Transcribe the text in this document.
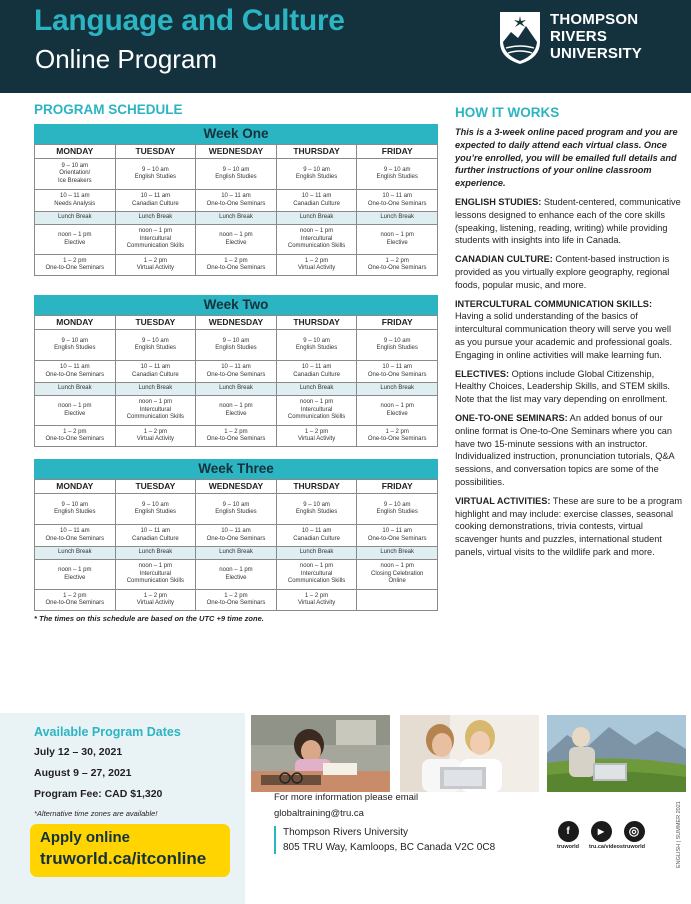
Language and Culture
Online Program
THOMPSON
RIVERS
UNIVERSITY
PROGRAM SCHEDULE
Week One
MONDAY	TUESDAY	WEDNESDAY	THURSDAY	FRIDAY

9 – 10 am
Orientation/
Ice Breakers	9 – 10 am
English Studies	9 – 10 am
English Studies	9 – 10 am
English Studies	9 – 10 am
English Studies

10 – 11 am
Needs Analysis	10 – 11 am
Canadian Culture	10 – 11 am
One-to-One Seminars	10 – 11 am
Canadian Culture	10 – 11 am
One-to-One Seminars

Lunch Break	Lunch Break	Lunch Break	Lunch Break	Lunch Break

noon – 1 pm
Elective	noon – 1 pm
Intercultural
Communication Skills	noon – 1 pm
Elective	noon – 1 pm
Intercultural
Communication Skills	noon – 1 pm
Elective

1 – 2 pm
One-to-One Seminars	1 – 2 pm
Virtual Activity	1 – 2 pm
One-to-One Seminars	1 – 2 pm
Virtual Activity	1 – 2 pm
One-to-One Seminars
Week Two
MONDAY	TUESDAY	WEDNESDAY	THURSDAY	FRIDAY

9 – 10 am
English Studies	9 – 10 am
English Studies	9 – 10 am
English Studies	9 – 10 am
English Studies	9 – 10 am
English Studies

10 – 11 am
One-to-One Seminars	10 – 11 am
Canadian Culture	10 – 11 am
One-to-One Seminars	10 – 11 am
Canadian Culture	10 – 11 am
One-to-One Seminars

Lunch Break	Lunch Break	Lunch Break	Lunch Break	Lunch Break

noon – 1 pm
Elective	noon – 1 pm
Intercultural
Communication Skills	noon – 1 pm
Elective	noon – 1 pm
Intercultural
Communication Skills	noon – 1 pm
Elective

1 – 2 pm
One-to-One Seminars	1 – 2 pm
Virtual Activity	1 – 2 pm
One-to-One Seminars	1 – 2 pm
Virtual Activity	1 – 2 pm
One-to-One Seminars
Week Three
MONDAY	TUESDAY	WEDNESDAY	THURSDAY	FRIDAY

9 – 10 am
English Studies	9 – 10 am
English Studies	9 – 10 am
English Studies	9 – 10 am
English Studies	9 – 10 am
English Studies

10 – 11 am
One-to-One Seminars	10 – 11 am
Canadian Culture	10 – 11 am
One-to-One Seminars	10 – 11 am
Canadian Culture	10 – 11 am
One-to-One Seminars

Lunch Break	Lunch Break	Lunch Break	Lunch Break	Lunch Break

noon – 1 pm
Elective	noon – 1 pm
Intercultural
Communication Skills	noon – 1 pm
Elective	noon – 1 pm
Intercultural
Communication Skills	noon – 1 pm
Closing Celebration
Online

1 – 2 pm
One-to-One Seminars	1 – 2 pm
Virtual Activity	1 – 2 pm
One-to-One Seminars	1 – 2 pm
Virtual Activity	

* The times on this schedule are based on the UTC +9 time zone.
HOW IT WORKS

This is a 3-week online paced program and you are expected to daily attend each virtual class. Once you’re enrolled, you will be emailed full details and further instructions of your online classroom experience.

ENGLISH STUDIES: Student-centered, communicative lessons designed to enhance each of the core skills (speaking, listening, reading, writing) while providing students with insights into life in Canada.

CANADIAN CULTURE: Content-based instruction is provided as you virtually explore geography, regional foods, popular music, and more.

INTERCULTURAL COMMUNICATION SKILLS: Having a solid understanding of the basics of intercultural communication theory will serve you well as you pursue your academic and professional goals. Engaging in online activities will make learning fun.

ELECTIVES: Options include Global Citizenship, Healthy Choices, Leadership Skills, and STEM skills. Note that the list may vary depending on enrollment.

ONE-TO-ONE SEMINARS: An added bonus of our online format is One-to-One Seminars where you can have two 15-minute sessions with an instructor. Individualized instruction, pronunciation tutorials, Q&A sessions, and conversation topics are some of the possibilities.

VIRTUAL ACTIVITIES: These are sure to be a program highlight and may include: exercise classes, seasonal cooking demonstrations, trivia contests, virtual scavenger hunts and puzzles, international student panels, virtual visits to the wildlife park and more.

Available Program Dates
July 12 – 30, 2021
August 9 – 27, 2021
Program Fee: CAD $1,320
*Alternative time zones are available!
Apply online
truworld.ca/itconline
For more information please email
globaltraining@tru.ca
Thompson Rivers University
805 TRU Way, Kamloops, BC Canada V2C 0C8
f
truworld
▶
tru.ca/videos
◎
truworld	ENGLISH | SUMMER 2021
